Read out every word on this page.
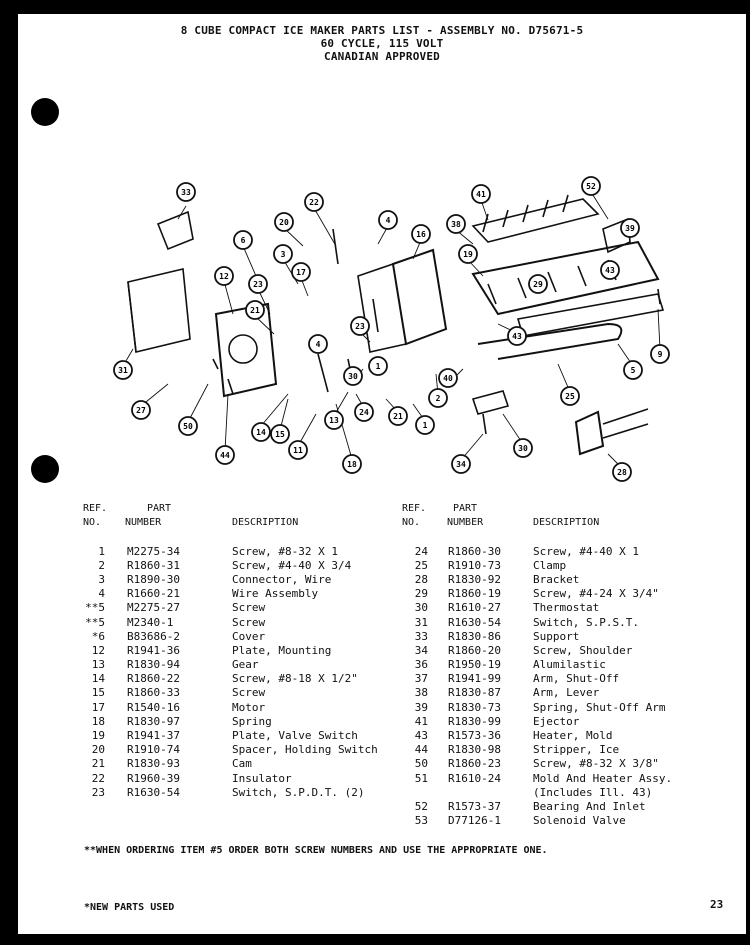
8 CUBE COMPACT ICE MAKER PARTS LIST - ASSEMBLY NO. D75671-5
60 CYCLE, 115 VOLT
CANADIAN APPROVED
33
22
4
41
52
20
6
3
17
12
23
21
16
38
19
43
23
40
9
5
31
27
50
44
11
14
13
15
18
24	21
1
2	25
34
30
28
30
43
39
29
4
1
REF.	PART
NO. NUMBER	DESCRIPTION
1 M2275-34	Screw, #8-32 X 1
2 R1860-31	Screw, #4-40 X 3/4
3 R1890-30	Connector, Wire
4 R1660-21	Wire Assembly
**5 M2275-27	Screw
**5 M2340-1	Screw
*6 B83686-2	Cover
12 R1941-36	Plate, Mounting
13 R1830-94	Gear
14 R1860-22	Screw, #8-18 X 1/2"
15 R1860-33	Screw
17 R1540-16	Motor
18 R1830-97	Spring
19 R1941-37	Plate, Valve Switch
20 R1910-74	Spacer, Holding Switch
21 R1830-93	Cam
22 R1960-39	Insulator
23 R1630-54	Switch, S.P.D.T. (2)
REF.	PART
NO.	NUMBER	DESCRIPTION
24 R1860-30	Screw, #4-40 X 1
25 R1910-73	Clamp
28 R1830-92	Bracket
29 R1860-19	Screw, #4-24 X 3/4"
30 R1610-27	Thermostat
31 R1630-54	Switch, S.P.S.T.
33 R1830-86	Support
34 R1860-20	Screw, Shoulder
36 R1950-19	Alumilastic
37 R1941-99	Arm, Shut-Off
38 R1830-87	Arm, Lever
39 R1830-73	Spring, Shut-Off Arm
41 R1830-99	Ejector
43 R1573-36	Heater, Mold
44 R1830-98	Stripper, Ice
50 R1860-23	Screw, #8-32 X 3/8"
51 R1610-24	Mold And Heater Assy.
(Includes Ill. 43)
52 R1573-37	Bearing And Inlet
53 D77126-1	Solenoid Valve
**WHEN ORDERING ITEM #5 ORDER BOTH SCREW NUMBERS AND USE THE APPROPRIATE ONE.
*NEW PARTS USED	23
